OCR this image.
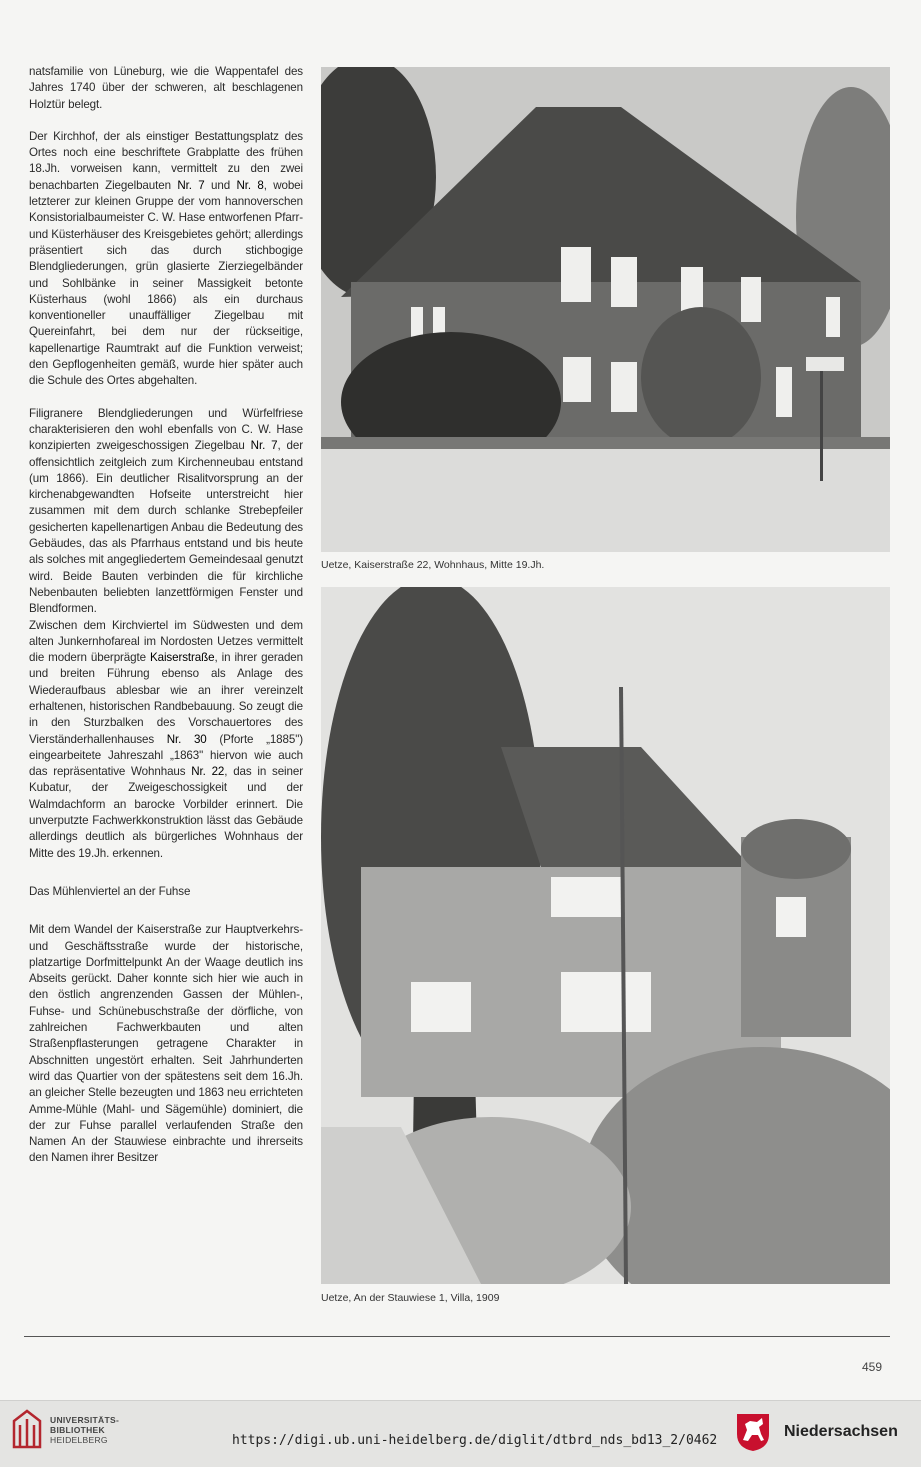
natsfamilie von Lüneburg, wie die Wappentafel des Jahres 1740 über der schweren, alt beschlagenen Holztür belegt.

Der Kirchhof, der als einstiger Bestattungsplatz des Ortes noch eine beschriftete Grabplatte des frühen 18.Jh. vorweisen kann, vermittelt zu den zwei benachbarten Ziegelbauten Nr. 7 und Nr. 8, wobei letzterer zur kleinen Gruppe der vom hannoverschen Konsistorialbaumeister C. W. Hase entworfenen Pfarr- und Küsterhäuser des Kreisgebietes gehört; allerdings präsentiert sich das durch stichbogige Blendgliederungen, grün glasierte Zierziegelbänder und Sohlbänke in seiner Massigkeit betonte Küsterhaus (wohl 1866) als ein durchaus konventioneller unauffälliger Ziegelbau mit Quereinfahrt, bei dem nur der rückseitige, kapellenartige Raumtrakt auf die Funktion verweist; den Gepflogenheiten gemäß, wurde hier später auch die Schule des Ortes abgehalten.

Filigranere Blendgliederungen und Würfelfriese charakterisieren den wohl ebenfalls von C. W. Hase konzipierten zweigeschossigen Ziegelbau Nr. 7, der offensichtlich zeitgleich zum Kirchenneubau entstand (um 1866). Ein deutlicher Risalitvorsprung an der kirchenabgewandten Hofseite unterstreicht hier zusammen mit dem durch schlanke Strebepfeiler gesicherten kapellenartigen Anbau die Bedeutung des Gebäudes, das als Pfarrhaus entstand und bis heute als solches mit angegliedertem Gemeindesaal genutzt wird. Beide Bauten verbinden die für kirchliche Nebenbauten beliebten lanzettförmigen Fenster und Blendformen.

Zwischen dem Kirchviertel im Südwesten und dem alten Junkernhofareal im Nordosten Uetzes vermittelt die modern überprägte Kaiserstraße, in ihrer geraden und breiten Führung ebenso als Anlage des Wiederaufbaus ablesbar wie an ihrer vereinzelt erhaltenen, historischen Randbebauung. So zeugt die in den Sturzbalken des Vorschauertores des Vierständerhallenhauses Nr. 30 (Pforte „1885") eingearbeitete Jahreszahl „1863" hiervon wie auch das repräsentative Wohnhaus Nr. 22, das in seiner Kubatur, der Zweigeschossigkeit und der Walmdachform an barocke Vorbilder erinnert. Die unverputzte Fachwerkkonstruktion lässt das Gebäude allerdings deutlich als bürgerliches Wohnhaus der Mitte des 19.Jh. erkennen.

Das Mühlenviertel an der Fuhse

Mit dem Wandel der Kaiserstraße zur Hauptverkehrs- und Geschäftsstraße wurde der historische, platzartige Dorfmittelpunkt An der Waage deutlich ins Abseits gerückt. Daher konnte sich hier wie auch in den östlich angrenzenden Gassen der Mühlen-, Fuhse- und Schünebuschstraße der dörfliche, von zahlreichen Fachwerkbauten und alten Straßenpflasterungen getragene Charakter in Abschnitten ungestört erhalten. Seit Jahrhunderten wird das Quartier von der spätestens seit dem 16.Jh. an gleicher Stelle bezeugten und 1863 neu errichteten Amme-Mühle (Mahl- und Sägemühle) dominiert, die der zur Fuhse parallel verlaufenden Straße den Namen An der Stauwiese einbrachte und ihrerseits den Namen ihrer Besitzer

Uetze, Kaiserstraße 22, Wohnhaus, Mitte 19.Jh.
Uetze, An der Stauwiese 1, Villa, 1909
459
UNIVERSITÄTS-
BIBLIOTHEK
HEIDELBERG	https://digi.ub.uni-heidelberg.de/diglit/dtbrd_nds_bd13_2/0462
Niedersachsen
